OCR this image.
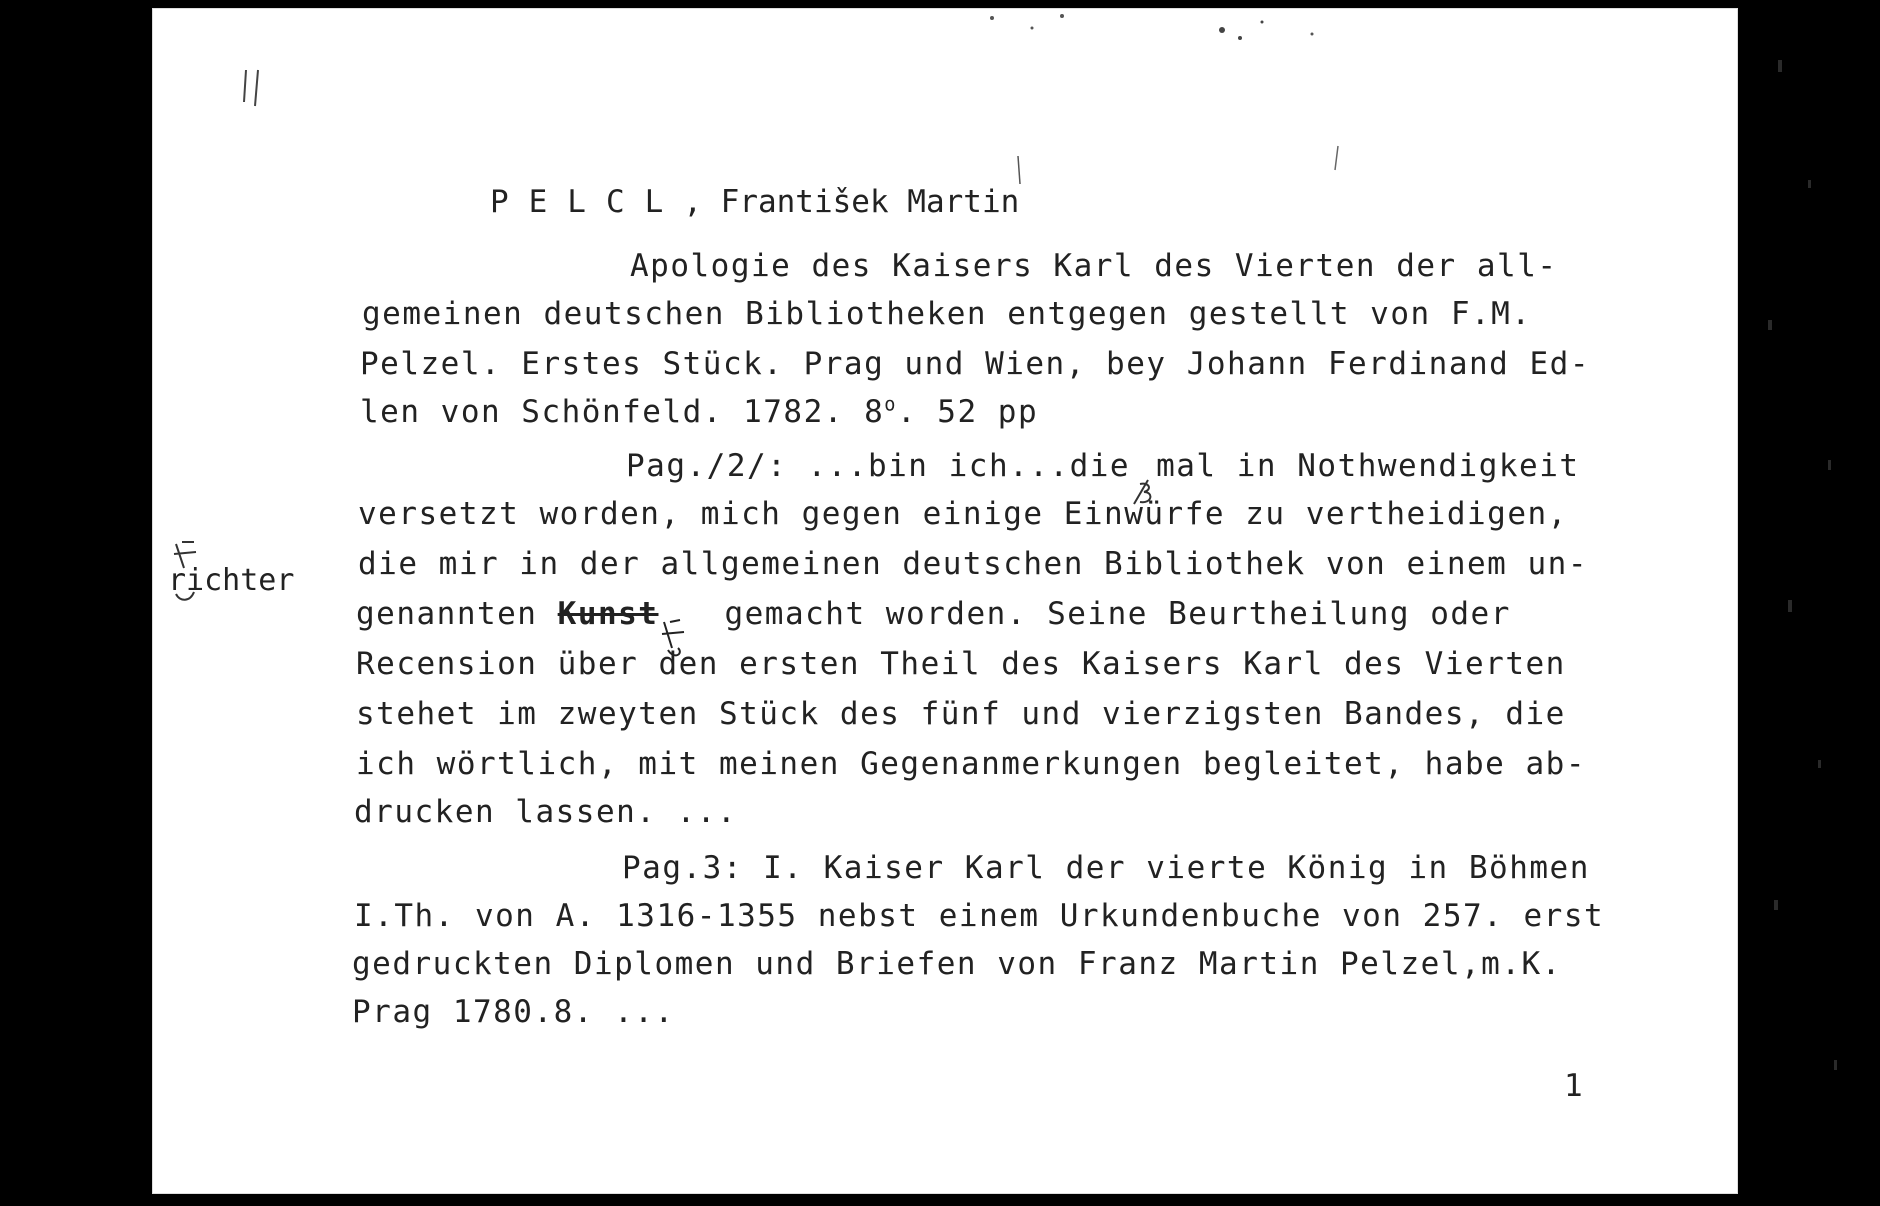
PELCL, František Martin

Apologie des Kaisers Karl des Vierten der all-
gemeinen deutschen Bibliotheken entgegen gestellt von F.M.
Pelzel. Erstes Stück. Prag und Wien, bey Johann Ferdinand Ed-
len von Schönfeld. 1782. 8$^o$. 52 pp
Pag./2/: ...bin ich...die mal in Nothwendigkeit
versetzt worden, mich gegen einige Einwürfe zu vertheidigen,
die mir in der allgemeinen deutschen Bibliothek von einem un-
genannten Kunst gemacht worden. Seine Beurtheilung oder
Recension über den ersten Theil des Kaisers Karl des Vierten
stehet im zweyten Stück des fünf und vierzigsten Bandes, die
ich wörtlich, mit meinen Gegenanmerkungen begleitet, habe ab-
drucken lassen. ...
Pag.3: I. Kaiser Karl der vierte König in Böhmen
I.Th. von A. 1316-1355 nebst einem Urkundenbuche von 257. erst
gedruckten Diplomen und Briefen von Franz Martin Pelzel,m.K.
Prag 1780.8. ...
richter
1
